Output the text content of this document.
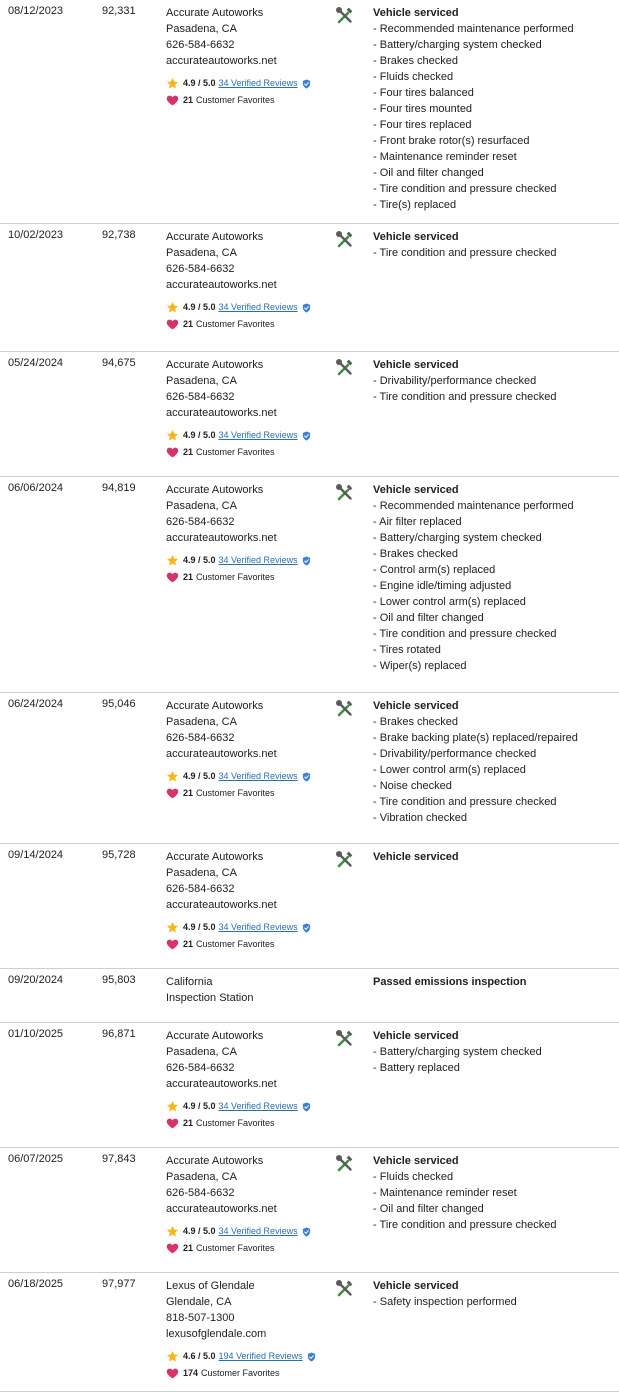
08/12/2023	92,331	Accurate Autoworks
Pasadena, CA
626-584-6632
accurateautoworks.net
4.9 / 5.0 34 Verified Reviews
21 Customer Favorites
Vehicle serviced
- Recommended maintenance performed
- Battery/charging system checked
- Brakes checked
- Fluids checked
- Four tires balanced
- Four tires mounted
- Four tires replaced
- Front brake rotor(s) resurfaced
- Maintenance reminder reset
- Oil and filter changed
- Tire condition and pressure checked
- Tire(s) replaced
10/02/2023	92,738	Accurate Autoworks
Pasadena, CA
626-584-6632
accurateautoworks.net
4.9 / 5.0 34 Verified Reviews
21 Customer Favorites
Vehicle serviced
- Tire condition and pressure checked
05/24/2024	94,675	Accurate Autoworks
Pasadena, CA
626-584-6632
accurateautoworks.net
4.9 / 5.0 34 Verified Reviews
21 Customer Favorites
Vehicle serviced
- Drivability/performance checked
- Tire condition and pressure checked
06/06/2024	94,819	Accurate Autoworks
Pasadena, CA
626-584-6632
accurateautoworks.net
4.9 / 5.0 34 Verified Reviews
21 Customer Favorites
Vehicle serviced
- Recommended maintenance performed
- Air filter replaced
- Battery/charging system checked
- Brakes checked
- Control arm(s) replaced
- Engine idle/timing adjusted
- Lower control arm(s) replaced
- Oil and filter changed
- Tire condition and pressure checked
- Tires rotated
- Wiper(s) replaced
06/24/2024	95,046	Accurate Autoworks
Pasadena, CA
626-584-6632
accurateautoworks.net
4.9 / 5.0 34 Verified Reviews
21 Customer Favorites
Vehicle serviced
- Brakes checked
- Brake backing plate(s) replaced/repaired
- Drivability/performance checked
- Lower control arm(s) replaced
- Noise checked
- Tire condition and pressure checked
- Vibration checked
09/14/2024	95,728	Accurate Autoworks
Pasadena, CA
626-584-6632
accurateautoworks.net
4.9 / 5.0 34 Verified Reviews
21 Customer Favorites
Vehicle serviced
09/20/2024	95,803	California
Inspection Station
Passed emissions inspection
01/10/2025	96,871	Accurate Autoworks
Pasadena, CA
626-584-6632
accurateautoworks.net
4.9 / 5.0 34 Verified Reviews
21 Customer Favorites
Vehicle serviced
- Battery/charging system checked
- Battery replaced
06/07/2025	97,843	Accurate Autoworks
Pasadena, CA
626-584-6632
accurateautoworks.net
4.9 / 5.0 34 Verified Reviews
21 Customer Favorites
Vehicle serviced
- Fluids checked
- Maintenance reminder reset
- Oil and filter changed
- Tire condition and pressure checked
06/18/2025	97,977	Lexus of Glendale
Glendale, CA
818-507-1300
lexusofglendale.com
4.6 / 5.0 194 Verified Reviews
174 Customer Favorites
Vehicle serviced
- Safety inspection performed
